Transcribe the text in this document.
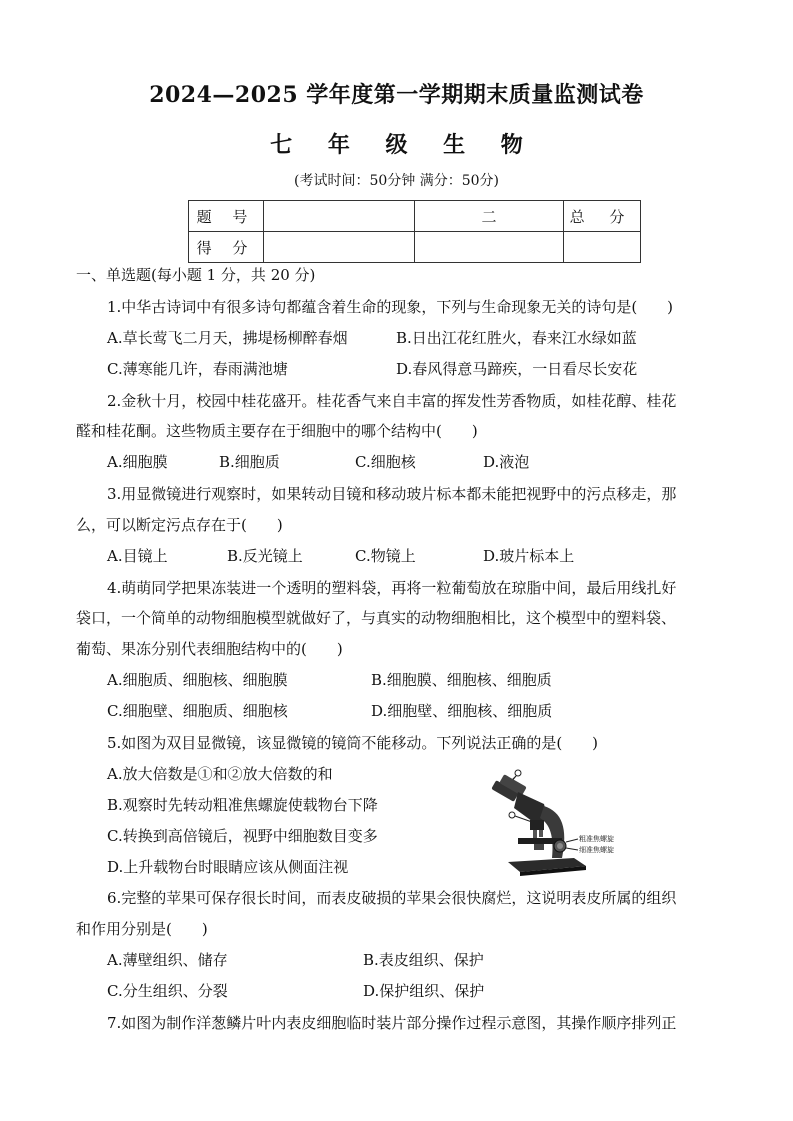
2024—2025 学年度第一学期期末质量监测试卷
七 年 级 生 物
(考试时间：50分钟 满分：50分)
题 号		二	总 分
得 分			
一、单选题(每小题 1 分，共 20 分)
1.中华古诗词中有很多诗句都蕴含着生命的现象，下列与生命现象无关的诗句是(　　)
A.草长莺飞二月天，拂堤杨柳醉春烟	B.日出江花红胜火，春来江水绿如蓝
C.薄寒能几许，春雨满池塘	D.春风得意马蹄疾，一日看尽长安花
2.金秋十月，校园中桂花盛开。桂花香气来自丰富的挥发性芳香物质，如桂花醇、桂花
醛和桂花酮。这些物质主要存在于细胞中的哪个结构中(　　)
A.细胞膜	B.细胞质	C.细胞核	D.液泡
3.用显微镜进行观察时，如果转动目镜和移动玻片标本都未能把视野中的污点移走，那
么，可以断定污点存在于(　　)
A.目镜上	B.反光镜上	C.物镜上	D.玻片标本上
4.萌萌同学把果冻装进一个透明的塑料袋，再将一粒葡萄放在琼脂中间，最后用线扎好
袋口，一个简单的动物细胞模型就做好了，与真实的动物细胞相比，这个模型中的塑料袋、
葡萄、果冻分别代表细胞结构中的(　　)
A.细胞质、细胞核、细胞膜	B.细胞膜、细胞核、细胞质
C.细胞壁、细胞质、细胞核	D.细胞壁、细胞核、细胞质
5.如图为双目显微镜，该显微镜的镜筒不能移动。下列说法正确的是(　　)
A.放大倍数是①和②放大倍数的和
B.观察时先转动粗准焦螺旋使载物台下降
C.转换到高倍镜后，视野中细胞数目变多
D.上升载物台时眼睛应该从侧面注视
粗准焦螺旋
细准焦螺旋
6.完整的苹果可保存很长时间，而表皮破损的苹果会很快腐烂，这说明表皮所属的组织
和作用分别是(　　)
A.薄壁组织、储存	B.表皮组织、保护
C.分生组织、分裂	D.保护组织、保护
7.如图为制作洋葱鳞片叶内表皮细胞临时装片部分操作过程示意图，其操作顺序排列正
